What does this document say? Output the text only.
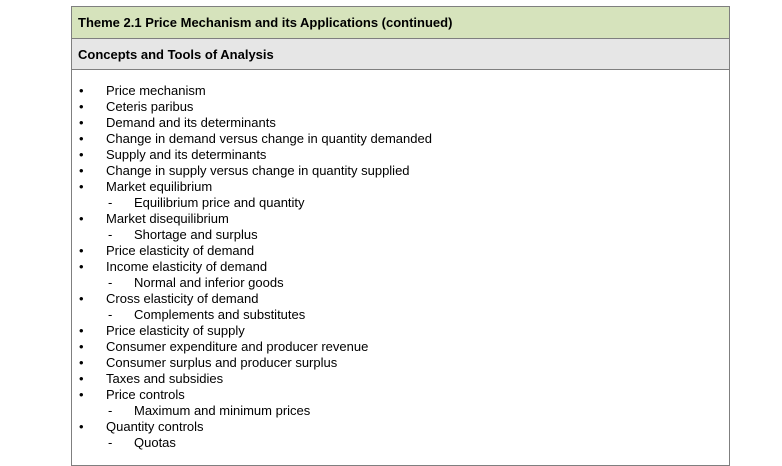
Theme 2.1 Price Mechanism and its Applications (continued)
Concepts and Tools of Analysis
• Price mechanism
• Ceteris paribus
• Demand and its determinants
• Change in demand versus change in quantity demanded
• Supply and its determinants
• Change in supply versus change in quantity supplied
• Market equilibrium
- Equilibrium price and quantity
• Market disequilibrium
- Shortage and surplus
• Price elasticity of demand
• Income elasticity of demand
- Normal and inferior goods
• Cross elasticity of demand
- Complements and substitutes
• Price elasticity of supply
• Consumer expenditure and producer revenue
• Consumer surplus and producer surplus
• Taxes and subsidies
• Price controls
- Maximum and minimum prices
• Quantity controls
- Quotas
